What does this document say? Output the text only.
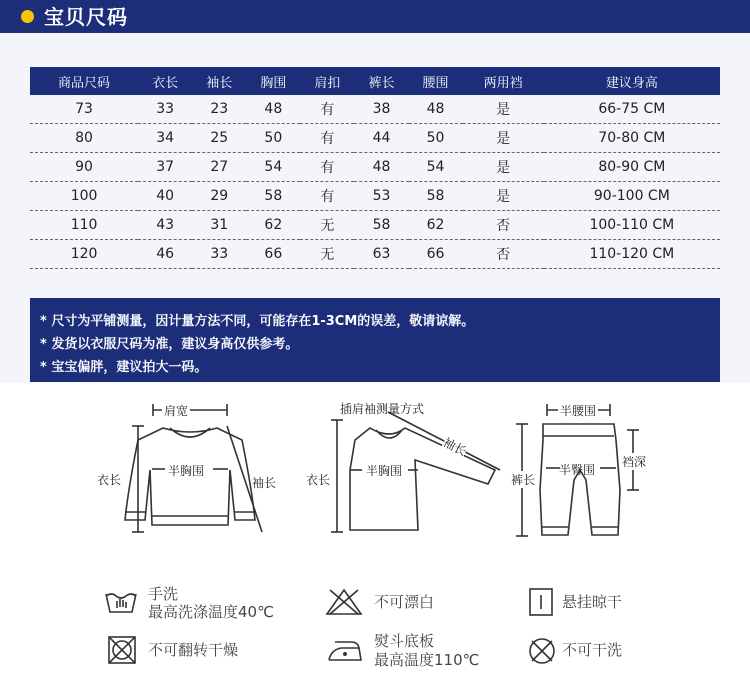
宝贝尺码
商品尺码	衣长	袖长	胸围	肩扣	裤长	腰围	两用裆	建议身高
73	33	23	48	有	38	48	是	66-75 CM
80	34	25	50	有	44	50	是	70-80 CM
90	37	27	54	有	48	54	是	80-90 CM
100	40	29	58	有	53	58	是	90-100 CM
110	43	31	62	无	58	62	否	100-110 CM
120	46	33	66	无	63	66	否	110-120 CM
* 尺寸为平铺测量，因计量方法不同，可能存在1-3CM的误差，敬请谅解。
* 发货以衣服尺码为准，建议身高仅供参考。
* 宝宝偏胖，建议拍大一码。
肩宽
衣长
半胸围
袖长
插肩袖测量方式
衣长
半胸围
袖长
半腰围
裤长
半臀围
裆深
手洗
最高洗涤温度40℃
不可漂白	悬挂晾干
不可翻转干燥	熨斗底板
最高温度110℃
不可干洗
